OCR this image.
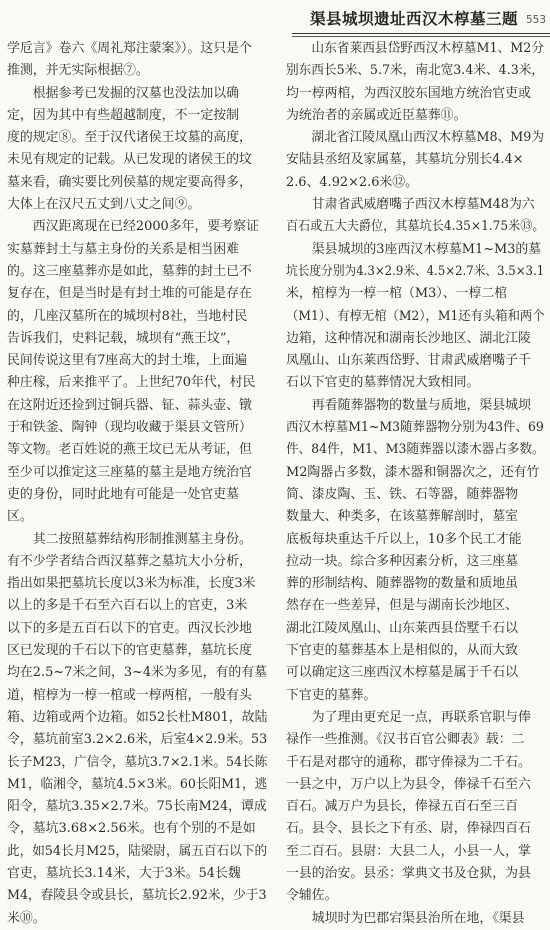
渠县城坝遗址西汉木椁墓三题 553
学卮言》卷六《周礼郑注蒙案》）。这只是个
推测，并无实际根据⑦。
根据参考已发掘的汉墓也没法加以确
定，因为其中有些超越制度，不一定按制
度的规定⑧。至于汉代诸侯王坟墓的高度，
未见有规定的记载。从已发现的诸侯王的坟
墓来看，确实要比列侯墓的规定要高得多，
大体上在汉尺五丈到八丈之间⑨。
西汉距离现在已经2000多年，要考察证
实墓葬封土与墓主身份的关系是相当困难
的。这三座墓葬亦是如此，墓葬的封土已不
复存在，但是当时是有封土堆的可能是存在
的，几座汉墓所在的城坝村8社，当地村民
告诉我们，史料记载，城坝有“燕王坟”，
民间传说这里有7座高大的封土堆，上面遍
种庄稼，后来推平了。上世纪70年代，村民
在这附近还捡到过铜兵器、钲、蒜头壶、镦
于和铁釜、陶钟（现均收藏于渠县文管所）
等文物。老百姓说的燕王坟已无从考证，但
至少可以推定这三座墓的墓主是地方统治官
吏的身份，同时此地有可能是一处官吏墓
区。
其二按照墓葬结构形制推测墓主身份。
有不少学者结合西汉墓葬之墓坑大小分析，
指出如果把墓坑长度以3米为标准，长度3米
以上的多是千石至六百石以上的官吏，3米
以下的多是五百石以下的官吏。西汉长沙地
区已发现的千石以下的官吏墓葬，墓坑长度
均在2.5~7米之间，3~4米为多见，有的有墓
道，棺椁为一椁一棺或一椁两棺，一般有头
箱、边箱或两个边箱。如52长杜M801，故陆
令，墓坑前室3.2×2.6米，后室4×2.9米。53
长子M23，广信令，墓坑3.7×2.1米。54长陈
M1，临湘令，墓坑4.5×3米。60长阳M1，逃
阳令，墓坑3.35×2.7米。75长南M24，谭成
令，墓坑3.68×2.56米。也有个别的不是如
此，如54长月M25，陆梁尉，属五百石以下的
官吏，墓坑长3.14米，大于3米。54长魏
M4，舂陵县令或县长，墓坑长2.92米，少于3
米⑩。
山东省莱西县岱野西汉木椁墓M1、M2分
别东西长5米、5.7米，南北宽3.4米、4.3米，
均一椁两棺，为西汉胶东国地方统治官吏或
为统治者的亲属或近臣墓葬⑪。
湖北省江陵凤凰山西汉木椁墓M8、M9为
安陆县丞绍及家属墓，其墓坑分别长4.4×
2.6、4.92×2.6米⑫。
甘肃省武威磨嘴子西汉木椁墓M48为六
百石或五大夫爵位，其墓坑长4.35×1.75米⑬。
渠县城坝的3座西汉木椁墓M1~M3的墓
坑长度分别为4.3×2.9米、4.5×2.7米、3.5×3.1
米，棺椁为一椁一棺（M3）、一椁二棺
（M1）、有椁无棺（M2），M1还有头箱和两个
边箱，这种情况和湖南长沙地区、湖北江陵
凤凰山、山东莱西岱野、甘肃武威磨嘴子千
石以下官吏的墓葬情况大致相同。
再看随葬器物的数量与质地，渠县城坝
西汉木椁墓M1~M3随葬器物分别为43件、69
件、84件，M1、M3随葬器以漆木器占多数。
M2陶器占多数，漆木器和铜器次之，还有竹
简、漆皮陶、玉、铁、石等器，随葬器物
数量大、种类多，在该墓葬解剖时，墓室
底板每块重达千斤以上，10多个民工才能
拉动一块。综合多种因素分析，这三座墓
葬的形制结构、随葬器物的数量和质地虽
然存在一些差异，但是与湖南长沙地区、
湖北江陵凤凰山、山东莱西县岱墅千石以
下官吏的墓葬基本上是相似的，从而大致
可以确定这三座西汉木椁墓是属于千石以
下官吏的墓葬。
为了理由更充足一点，再联系官职与俸
禄作一些推测。《汉书百官公卿表》载：二
千石是对郡守的通称，郡守俸禄为二千石。
一县之中，万户以上为县令，俸禄千石至六
百石。减万户为县长，俸禄五百石至三百
石。县令、县长之下有丞、尉，俸禄四百石
至二百石。县尉：大县二人，小县一人，掌
一县的治安。县丞：掌典文书及仓狱，为县
令辅佐。
城坝时为巴郡宕渠县治所在地，《渠县
